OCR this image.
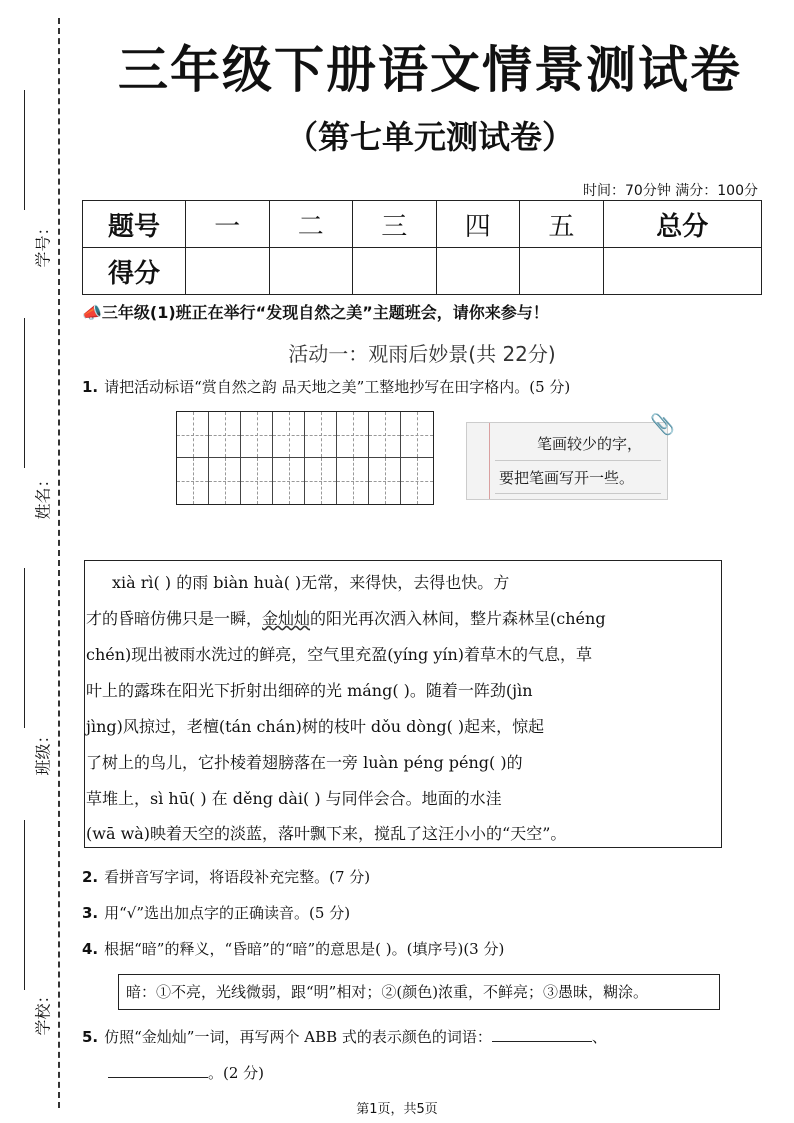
学号：
姓名：
班级：
学校：
三年级下册语文情景测试卷
（第七单元测试卷）
时间：70分钟 满分：100分
题号	一	二	三	四	五	总分
得分						
📣三年级(1)班正在举行“发现自然之美”主题班会，请你来参与！
活动一：观雨后妙景(共 22分)
1. 请把活动标语“赏自然之韵 品天地之美”工整地抄写在田字格内。(5 分)
笔画较少的字，
要把笔画写开一些。
📎
xià rì( ) 的雨 biàn huà( )无常，来得快，去得也快。方
才的昏暗仿佛只是一瞬，金灿灿的阳光再次洒入林间，整片森林呈(chéng
chén)现出被雨水洗过的鲜亮，空气里充盈(yíng yín)着草木的气息，草
叶上的露珠在阳光下折射出细碎的光 máng( )。随着一阵劲(jìn
jìng)风掠过，老檀(tán chán)树的枝叶 dǒu dòng( )起来，惊起
了树上的鸟儿，它扑棱着翅膀落在一旁 luàn péng péng( )的
草堆上，sì hū( ) 在 děng dài( ) 与同伴会合。地面的水洼
(wā wà)映着天空的淡蓝，落叶飘下来，搅乱了这汪小小的“天空”。
2. 看拼音写字词，将语段补充完整。(7 分)
3. 用“√”选出加点字的正确读音。(5 分)
4. 根据“暗”的释义，“昏暗”的“暗”的意思是( )。(填序号)(3 分)
暗：①不亮，光线微弱，跟“明”相对；②(颜色)浓重，不鲜亮；③愚昧，糊涂。
5. 仿照“金灿灿”一词，再写两个 ABB 式的表示颜色的词语：	、
。(2 分)
第1页，共5页
